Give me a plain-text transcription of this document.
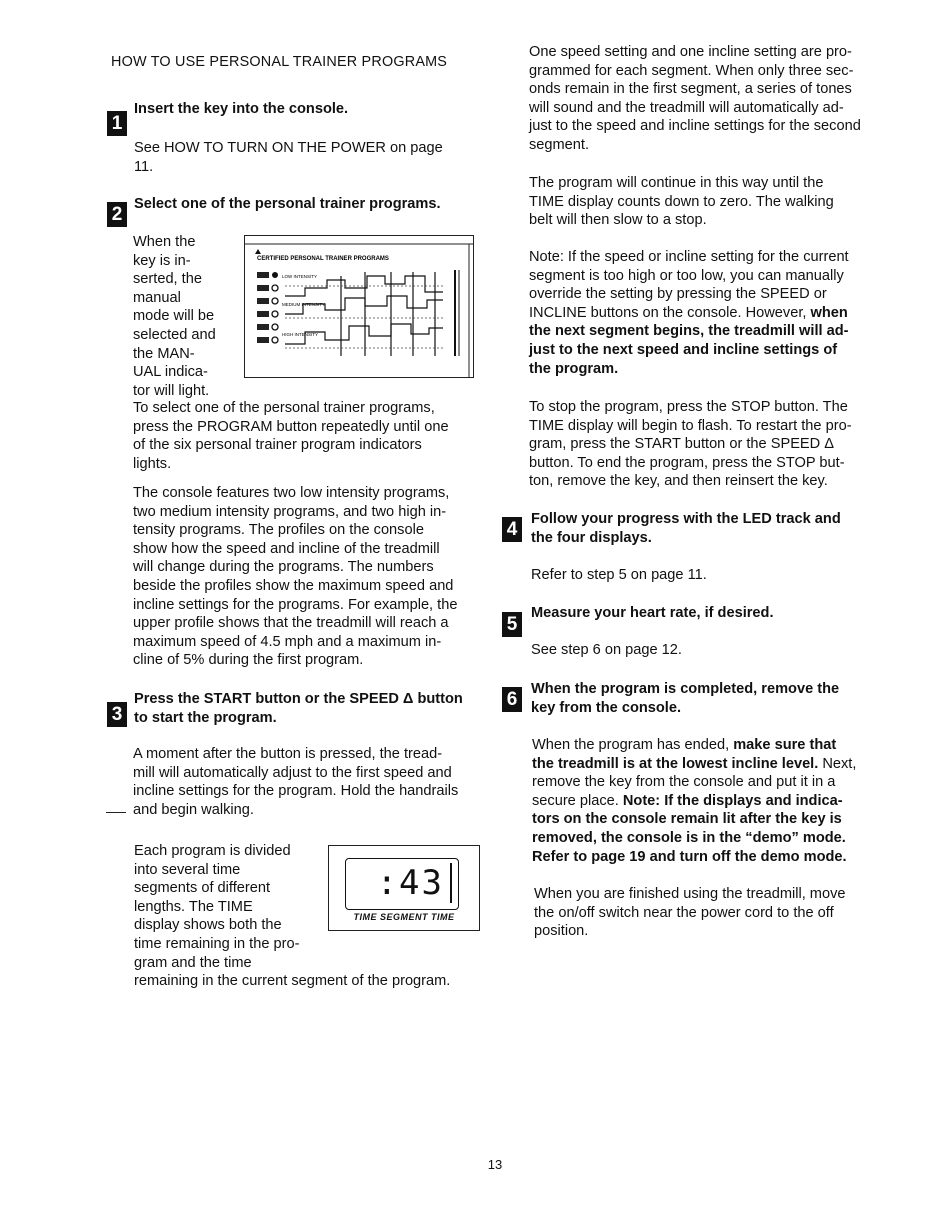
HOW TO USE PERSONAL TRAINER PROGRAMS
1
Insert the key into the console.
See HOW TO TURN ON THE POWER on page
11.
2 Select one of the personal trainer programs.
When the
key is in-
serted, the
manual
mode will be
selected and
the MAN-
UAL indica-
tor will light.
CERTIFIED PERSONAL TRAINER PROGRAMS
LOW INTENSITY
MEDIUM INTENSITY
HIGH INTENSITY
To select one of the personal trainer programs,
press the PROGRAM button repeatedly until one
of the six personal trainer program indicators
lights.
The console features two low intensity programs,
two medium intensity programs, and two high in-
tensity programs. The profiles on the console
show how the speed and incline of the treadmill
will change during the programs. The numbers
beside the profiles show the maximum speed and
incline settings for the programs. For example, the
upper profile shows that the treadmill will reach a
maximum speed of 4.5 mph and a maximum in-
cline of 5% during the first program.
3
Press the START button or the SPEED Δ button
to start the program.
A moment after the button is pressed, the tread-
mill will automatically adjust to the first speed and
incline settings for the program. Hold the handrails
and begin walking.
Each program is divided
into several time
segments of different
lengths. The TIME
display shows both the
time remaining in the pro-
gram and the time
remaining in the current segment of the program.
:43
TIME SEGMENT TIME
One speed setting and one incline setting are pro-
grammed for each segment. When only three sec-
onds remain in the first segment, a series of tones
will sound and the treadmill will automatically ad-
just to the speed and incline settings for the second
segment.
The program will continue in this way until the
TIME display counts down to zero. The walking
belt will then slow to a stop.
Note: If the speed or incline setting for the current
segment is too high or too low, you can manually
override the setting by pressing the SPEED or
INCLINE buttons on the console. However, when
the next segment begins, the treadmill will ad-
just to the next speed and incline settings of
the program.
To stop the program, press the STOP button. The
TIME display will begin to flash. To restart the pro-
gram, press the START button or the SPEED Δ
button. To end the program, press the STOP but-
ton, remove the key, and then reinsert the key.
4 Follow your progress with the LED track and
the four displays.
Refer to step 5 on page 11.
5
Measure your heart rate, if desired.
See step 6 on page 12.
6 When the program is completed, remove the
key from the console.
When the program has ended, make sure that
the treadmill is at the lowest incline level. Next,
remove the key from the console and put it in a
secure place. Note: If the displays and indica-
tors on the console remain lit after the key is
removed, the console is in the “demo” mode.
Refer to page 19 and turn off the demo mode.
When you are finished using the treadmill, move
the on/off switch near the power cord to the off
position.
13
